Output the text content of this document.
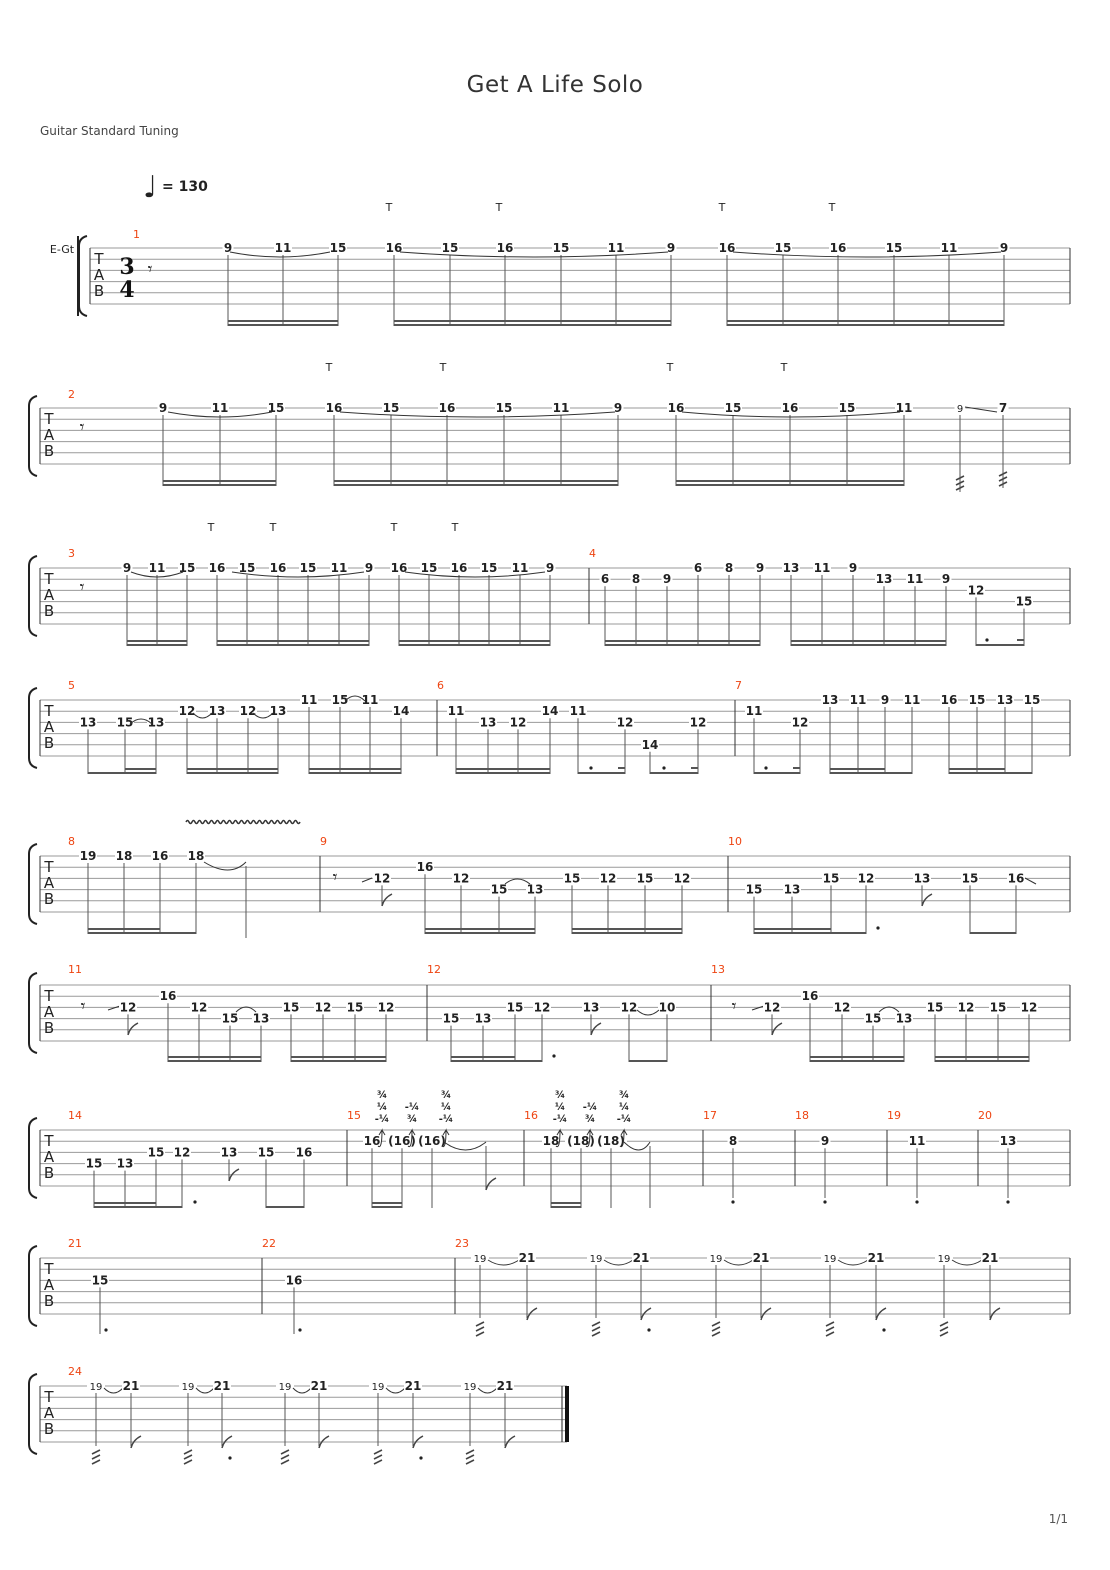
Get A Life Solo
Guitar Standard Tuning
♩ = 130
T
A
B
T
A
B
T
A
B
T
A
B
T
A
B
T
A
B
T
A
B
T
A
B
T
A
B
E-Gt
3
4
1
9	11	15	16	15	16	15	11	9	16	15	16	15	11	9
T	T	T	T
𝄾
2
𝄾
9	11	15	16	15	16	15	11	9	16	15	16	15	11	9	7
T	T	T	T
3	4
𝄾
9 11 15 16 15 16 15 11 9 16 15 16 15 11 9
T	T	T	T
6 8 9
6 8 9 13 11 9
13 11 9
12
15
5	6	7
13 15 13
12 13 12 13
11 15 11
14	11
13 12
14 11
12
14
12
11
12
13 11 9 11 16 15 13 15
8	9	10
19 18 16 18
𝄾	12
16
12
15 13
15 12 15 12
15 13
15 12	13	15 16
11	12	13
𝄾	12
16
12
15 13
15 12 15 12
15 13
15 12	13 12 10	𝄾 12
16
12
15 13
15 12 15 12
14	15	16	17	18	19	20
15 13
15 12	13 15 16
16 (16) (16)	18 (18) (18)
¾
¼
-¼
-¼
¾
¾
¼
-¼
¾
¼
-¼
-¼
¾
¾
¼
-¼
8	9	11	13
21	22	23
15	16
19	21	19	21	19	21	19	21	19	21
24
19 21	19 21	19 21	19 21	19 21
1/1
